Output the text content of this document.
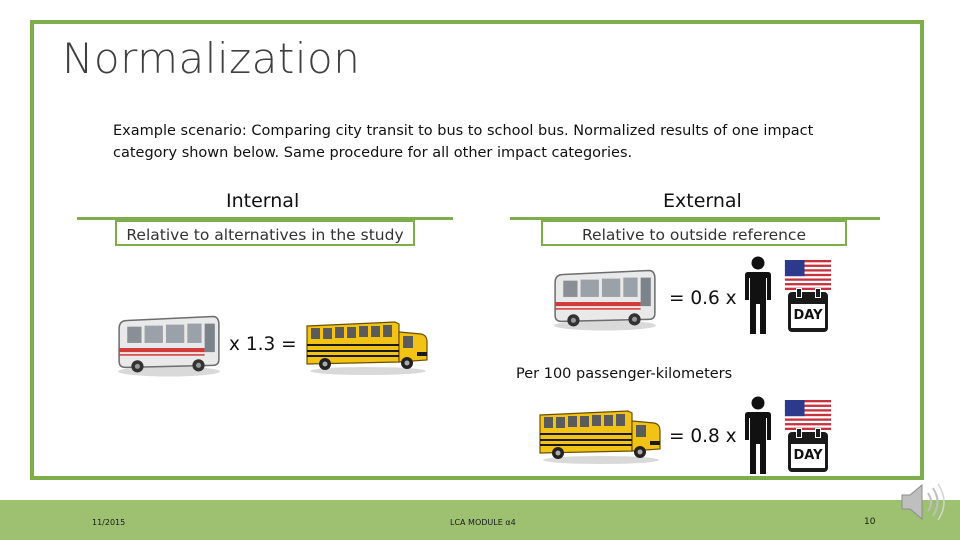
Normalization
Example scenario: Comparing city transit to bus to school bus. Normalized results of one impact category shown below. Same procedure for all other impact categories.
Internal
Relative to alternatives in the study
External
Relative to outside reference
x 1.3 =
= 0.6 x
DAY
Per 100 passenger-kilometers
= 0.8 x
DAY
11/2015	LCA MODULE α4	10
